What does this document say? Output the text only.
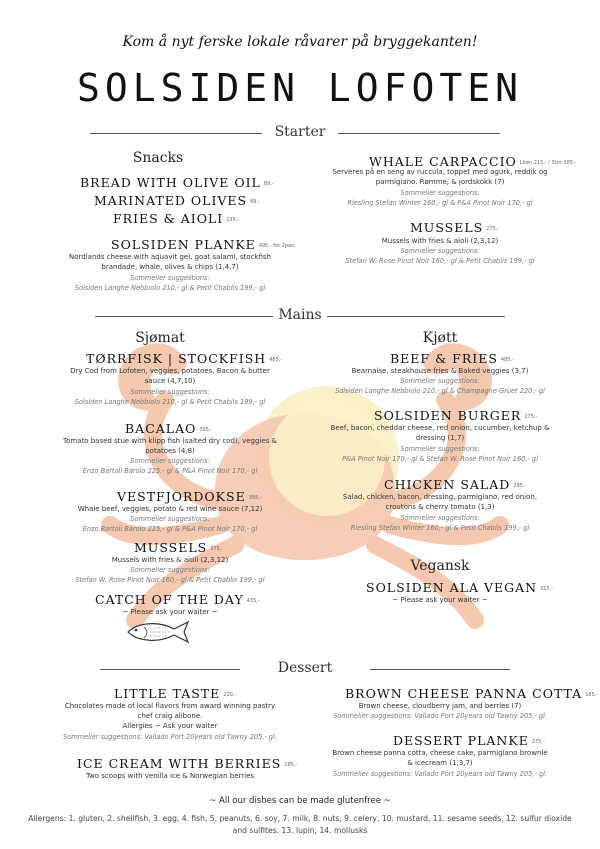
Kom å nyt ferske lokale råvarer på bryggekanten!
SOLSIDEN LOFOTEN
Starter
Snacks
BREAD WITH OLIVE OIL 89,-
MARINATED OLIVES 89,-
FRIES & AIOLI 135,-
SOLSIDEN PLANKE 495,- for 2pax
Nordlands cheese with aquavit gel, goat salami, stockfish
brandade, whale, olives & chips (1,4,7)
Sommelier suggestions:
Solsiden Langhe Nebbiolo 210,- gl & Petit Chablis 199,- gl
WHALE CARPACCIO Liten 215,- / Stor 385,-
Serveres på en seng av ruccula, toppet med agurk, reddik og
parmigiano. Rømme, & jordskokk (7)
Sommelier suggestions:
Riesling Stefan Winter 160,- gl & P&A Pinot Noir 170,- gl
MUSSELS 275,-
Mussels with fries & aioli (2,3,12)
Sommelier suggestions:
Stefan W. Rose Pinot Noir 160,- gl & Petit Chablis 199,- gl
Mains
Sjømat
TØRRFISK | STOCKFISH 465,-
Dry Cod from Lofoten, veggies, potatoes, Bacon & butter
sauce (4,7,10)
Sommelier suggestions:
Solsiden Langhe Nebbiolo 210,- gl & Petit Chablis 199,- gl
BACALAO 395,-
Tomato based stue with klipp fish (salted dry cod), veggies &
potatoes (4,8)
Sommelier suggestions:
Enzo Bartoli Barolo 225,- gl & P&A Pinot Noir 170,- gl
VESTFJORDOKSE 395,-
Whale beef, veggies, potato & red wine sauce (7,12)
Sommelier suggestions:
Enzo Bartoli Barolo 225,- gl & P&A Pinot Noir 170,- gl
MUSSELS 375,-
Mussels with fries & aioli (2,3,12)
Sommelier suggestions:
Stefan W. Rose Pinot Noir 160,- gl & Petit Chablis 199,- gl
CATCH OF THE DAY 435,-
~ Please ask your waiter ~
Kjøtt
BEEF & FRIES 485,-
Bearnaise, steakhouse fries & Baked veggies (3,7)
Sommelier suggestions:
Solsiden Langhe Nebbiolo 210,- gl & Champagne Gruet 220,- gl
SOLSIDEN BURGER 275,-
Beef, bacon, cheddar cheese, red onion, cucumber, ketchup &
dressing (1,7)
Sommelier suggestions:
P&A Pinot Noir 170,- gl & Stefan W. Rose Pinot Noir 160,- gl
CHICKEN SALAD 295,-
Salad, chicken, bacon, dressing, parmigiano, red onion,
croutons & cherry tomato (1,3)
Sommelier suggestions:
Riesling Stefan Winter 160,- gl & Petit Chablis 199,- gl
Vegansk
SOLSIDEN ALA VEGAN 315,-
~ Please ask your waiter ~
Dessert
LITTLE TASTE 220,-
Chocolates made of local flavors from award winning pastry
chef craig alibone.
Allergies ~ Ask your waiter
Sommelier suggestions: Vallado Port 20years old Tawny 205,- gl.
ICE CREAM WITH BERRIES 185,-
Two scoops with venilla ice & Norwegian berries
BROWN CHEESE PANNA COTTA 185,-
Brown cheese, cloudberry jam, and berries (7)
Sommelier suggestions: Vallado Port 20years old Tawny 205,- gl.
DESSERT PLANKE 275,-
Brown cheese panna cotta, cheese cake, parmigiano brownie
& icecream (1,3,7)
Sommelier suggestions: Vallado Port 20years old Tawny 205,- gl.
~ All our dishes can be made glutenfree ~
Allergens: 1. gluten, 2. shellfish, 3. egg, 4. fish, 5. peanuts, 6. soy, 7. milk, 8. nuts, 9. celery, 10. mustard, 11. sesame seeds, 12. sulfur dioxide
and sulfites. 13. lupin, 14. mollusks
